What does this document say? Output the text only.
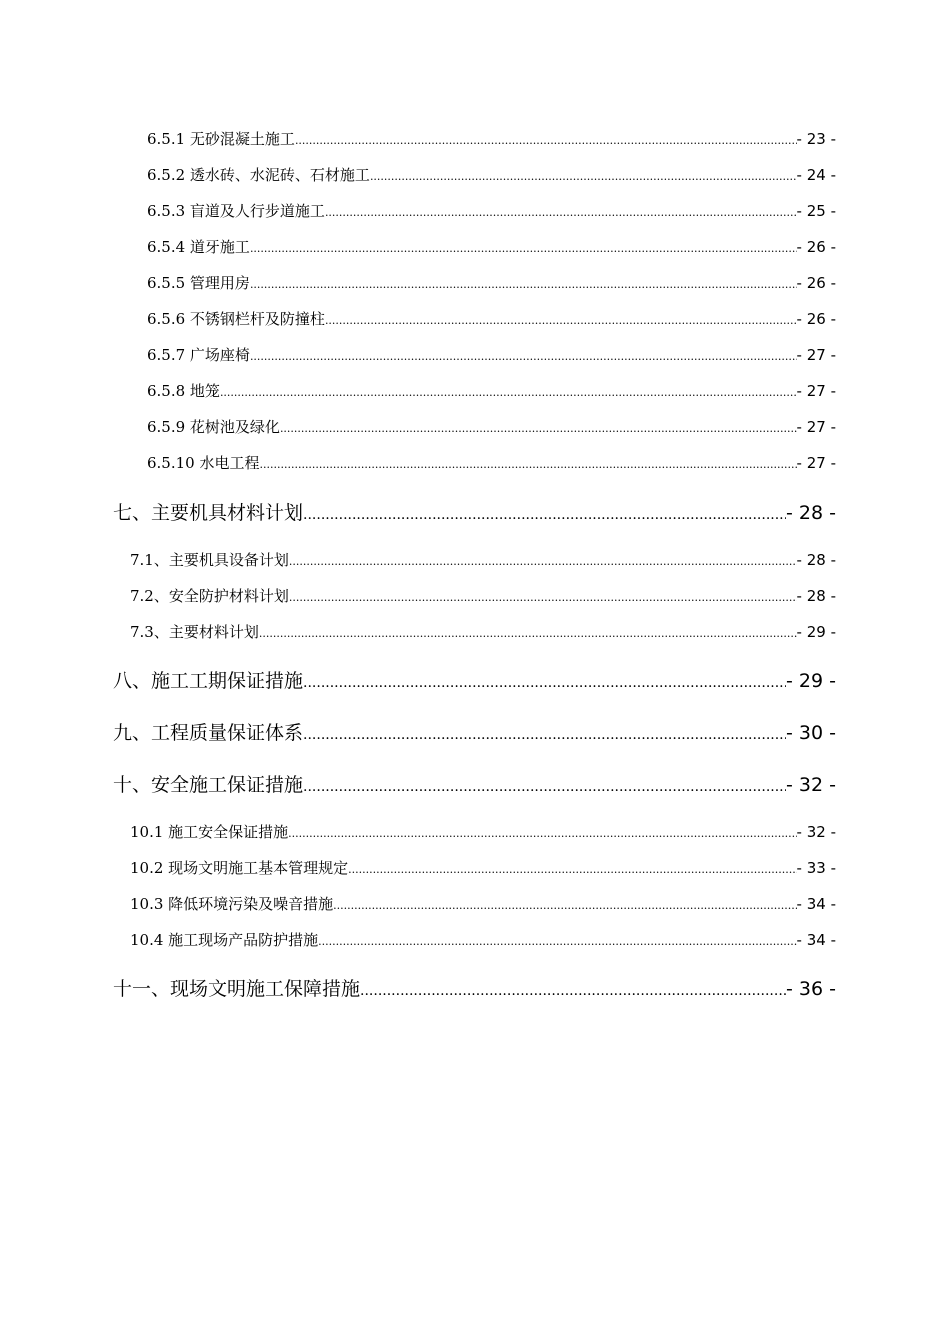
6.5.1 无砂混凝土施工 .....	- 23 -
6.5.2 透水砖、水泥砖、石材施工 .....	- 24 -
6.5.3 盲道及人行步道施工 .....	- 25 -
6.5.4 道牙施工 .....	- 26 -
6.5.5 管理用房 .....	- 26 -
6.5.6 不锈钢栏杆及防撞柱 .....	- 26 -
6.5.7 广场座椅 .....	- 27 -
6.5.8 地笼 .....	- 27 -
6.5.9 花树池及绿化 .....	- 27 -
6.5.10 水电工程 .....	- 27 -
七、主要机具材料计划 .....	- 28 -
7.1、主要机具设备计划 .....	- 28 -
7.2、安全防护材料计划 .....	- 28 -
7.3、主要材料计划 .....	- 29 -
八、施工工期保证措施 .....	- 29 -
九、工程质量保证体系 .....	- 30 -
十、安全施工保证措施 .....	- 32 -
10.1 施工安全保证措施 .....	- 32 -
10.2 现场文明施工基本管理规定 .....	- 33 -
10.3 降低环境污染及噪音措施 .....	- 34 -
10.4 施工现场产品防护措施 .....	- 34 -
十一、现场文明施工保障措施 .....	- 36 -
